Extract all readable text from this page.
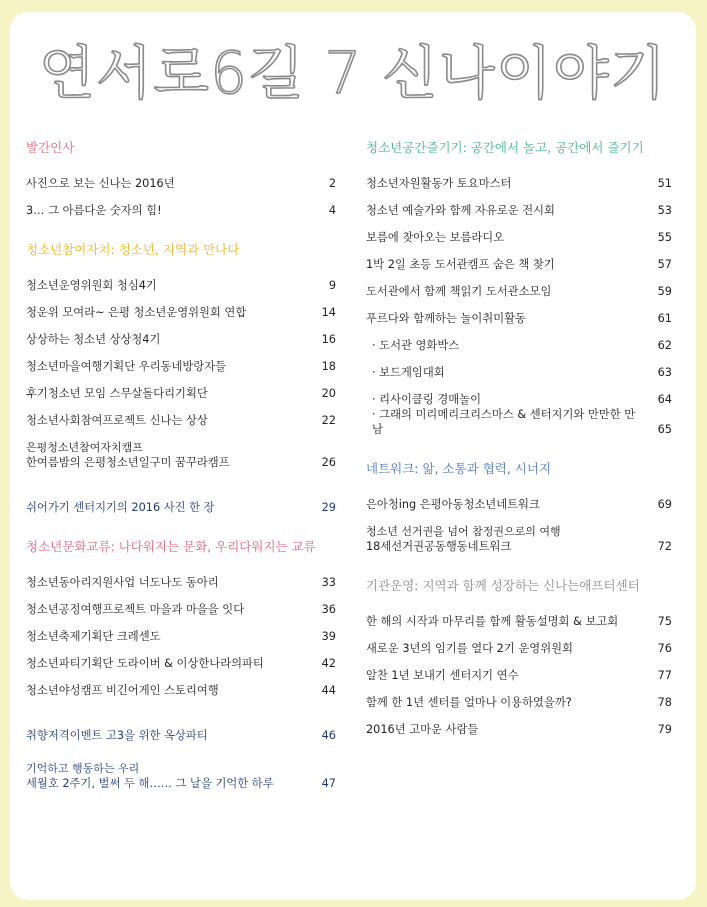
연서로6길 7 신나이야기
발간인사
사진으로 보는 신나는 2016년	2
3… 그 아름다운 숫자의 힘!	4
청소년참여자치: 청소년, 지역과 만나다
청소년운영위원회 청심4기	9
청운위 모여라~ 은평 청소년운영위원회 연합	14
상상하는 청소년 상상청4기	16
청소년마을여행기획단 우리동네방랑자들	18
후기청소년 모임 스무살돌다리기획단	20
청소년사회참여프로젝트 신나는 상상	22
은평청소년참여자치캠프
한여름밤의 은평청소년일구미 꿈꾸라캠프	26
쉬어가기 센터지기의 2016 사진 한 장	29
청소년문화교류: 나다워지는 문화, 우리다워지는 교류
청소년동아리지원사업 너도나도 동아리	33
청소년공정여행프로젝트 마을과 마을을 잇다	36
청소년축제기획단 크레센도	39
청소년파티기획단 도라이버 & 이상한나라의파티	42
청소년야성캠프 비긴어게인 스토리여행	44
취향저격이벤트 고3을 위한 옥상파티	46
기억하고 행동하는 우리
세월호 2주기, 벌써 두 해…… 그 날을 기억한 하루	47
청소년공간즐기기: 공간에서 놀고, 공간에서 즐기기
청소년자원활동가 토요마스터	51
청소년 예술가와 함께 자유로운 전시회	53
보름에 찾아오는 보름라디오	55
1박 2일 초등 도서관캠프 숨은 책 찾기	57
도서관에서 함께 책읽기 도서관소모임	59
푸르다와 함께하는 놀이취미활동	61
· 도서관 영화박스	62
· 보드게임대회	63
· 리사이클링 경매놀이	64
· 그래의 미리메리크리스마스 & 센터지기와 만만한 만남	65
네트워크: 앎, 소통과 협력, 시너지
은아청ing 은평아동청소년네트워크	69
청소년 선거권을 넘어 참정권으로의 여행
18세선거권공동행동네트워크	72
기관운영: 지역과 함께 성장하는 신나는애프터센터
한 해의 시작과 마무리를 함께 활동설명회 & 보고회	75
새로운 3년의 임기를 열다 2기 운영위원회	76
알찬 1년 보내기 센터지기 연수	77
함께 한 1년 센터를 얼마나 이용하였을까?	78
2016년 고마운 사람들	79
